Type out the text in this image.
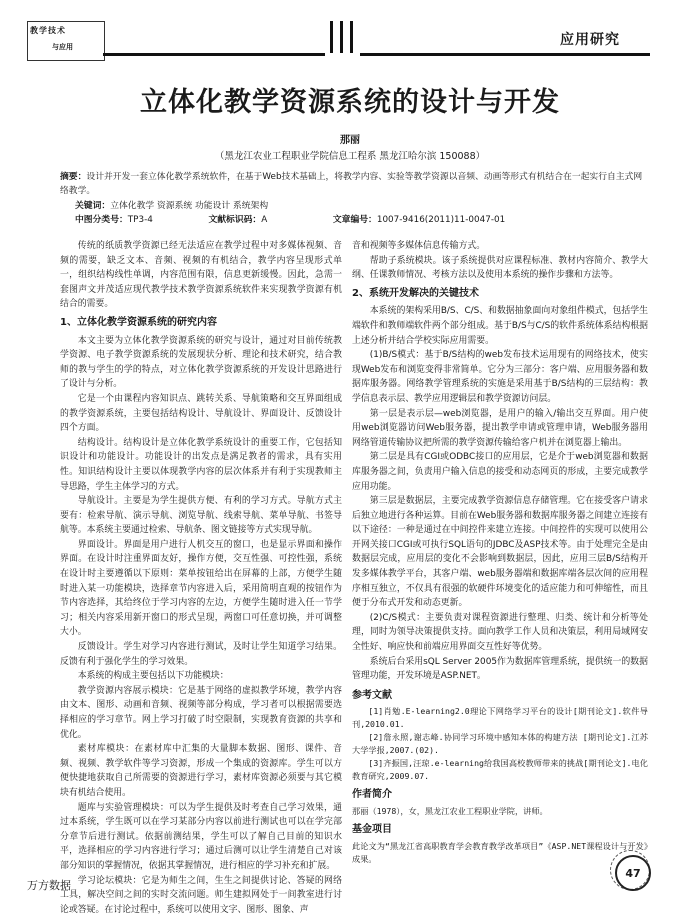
教学技术
与应用	应用研究
立体化教学资源系统的设计与开发
那丽
（黑龙江农业工程职业学院信息工程系 黑龙江哈尔滨 150088）
摘要：设计并开发一套立体化教学系统软件，在基于Web技术基础上，将教学内容、实验等教学资源以音频、动画等形式有机结合在一起实行自主式网络教学。
关键词：立体化教学 资源系统 功能设计 系统架构
中图分类号：TP3-4	文献标识码：A	文章编号：1007-9416(2011)11-0047-01

传统的纸质教学资源已经无法适应在教学过程中对多媒体视频、音频的需要，缺乏文本、音频、视频的有机结合，教学内容呈现形式单一，组织结构线性单调，内容范围有限，信息更新缓慢。因此，急需一套图声文并茂适应现代教学技术教学资源系统软件来实现教学资源有机结合的需要。

1、立体化教学资源系统的研究内容

本文主要为立体化教学资源系统的研究与设计，通过对目前传统教学资源、电子教学资源系统的发展现状分析、理论和技术研究，结合教师的教与学生的学的特点，对立体化教学资源系统的开发设计思路进行了设计与分析。

它是一个由课程内容知识点、跳转关系、导航策略和交互界面组成的教学资源系统，主要包括结构设计、导航设计、界面设计、反馈设计四个方面。

结构设计。结构设计是立体化教学系统设计的重要工作，它包括知识设计和功能设计。功能设计的出发点是满足教者的需求，具有实用性。知识结构设计主要以体现教学内容的层次体系并有利于实现教师主导思路，学生主体学习的方式。

导航设计。主要是为学生提供方便、有利的学习方式。导航方式主要有：检索导航、演示导航、浏览导航、线索导航、菜单导航、书签导航等。本系统主要通过检索、导航条、图文链接等方式实现导航。

界面设计。界面是用户进行人机交互的窗口，也是显示界面和操作界面。在设计时注重界面友好，操作方便，交互性强、可控性强，系统在设计时主要遵循以下原则：菜单按钮给出在屏幕的上部，方便学生随时进入某一功能模块，选择章节内容进入后，采用简明直观的按钮作为节内容选择，其给终位于学习内容的左边，方便学生随时进入任一节学习；相关内容采用新开窗口的形式呈现，两窗口可任意切换，并可调整大小。

反馈设计。学生对学习内容进行测试，及时让学生知道学习结果。反馈有利于强化学生的学习效果。

本系统的构成主要包括以下功能模块：

教学资源内容展示模块：它是基于网络的虚拟教学环境，教学内容由文本、图形、动画和音频、视频等部分构成，学习者可以根据需要选择相应的学习章节。网上学习打破了时空限制，实现教育资源的共享和优化。

素材库模块：在素材库中汇集的大量脚本数据、图形、课件、音频、视频、教学软件等学习资源，形成一个集成的资源库。学生可以方便快捷地获取自己所需要的资源进行学习，素材库资源必须要与其它模块有机结合使用。

题库与实验管理模块：可以为学生提供及时考查自己学习效果，通过本系统，学生既可以在学习某部分内容以前进行测试也可以在学完部分章节后进行测试。依据前测结果，学生可以了解自己目前的知识水平，选择相应的学习内容进行学习；通过后测可以让学生清楚自己对该部分知识的掌握情况，依据其掌握情况，进行相应的学习补充和扩展。

学习论坛模块：它是为师生之间，生生之间提供讨论、答疑的网络工具，解决空间之间的实时交流问题。师生建拟网处于一间教室进行讨论或答疑。在讨论过程中，系统可以使用文字、图形、图象、声

音和视频等多媒体信息传输方式。

帮助子系统模块。该子系统提供对应课程标准、教材内容简介、教学大纲、任课教师情况、考核方法以及使用本系统的操作步骤和方法等。

2、系统开发解决的关键技术

本系统的架构采用B/S、C/S、和数据抽象面向对象组件模式，包括学生端软件和教师端软件两个部分组成。基于B/S与C/S的软件系统体系结构根据上述分析并结合学校实际应用需要。

(1)B/S模式：基于B/S结构的web发布技术运用现有的网络技术，使实现Web发布和浏览变得非常简单。它分为三部分：客户端、应用服务器和数据库服务器。网络教学管理系统的实施是采用基于B/S结构的三层结构：教学信息表示层、教学应用逻辑层和教学资源访问层。

第一层是表示层—web浏览器，是用户的输入/输出交互界面。用户使用web浏览器访问Web服务器，提出教学申请或管理申请，Web服务器用网络管道传输协议把所需的教学资源传输给客户机并在浏览器上输出。

第二层是具有CGI或ODBC接口的应用层，它是介于web浏览器和数据库服务器之间，负责用户输入信息的接受和动态网页的形成，主要完成教学应用功能。

第三层是数据层，主要完成教学资源信息存储管理。它在接受客户请求后独立地进行各种运算。目前在Web服务器和数据库服务器之间建立连接有以下途径：一种是通过在中间控件来建立连接。中间控件的实现可以使用公开网关接口CGI或可执行SQL语句的JDBC及ASP技术等。由于处理完全是由数据层完成，应用层的变化不会影响到数据层，因此，应用三层B/S结构开发多媒体教学平台，其客户端、web服务器端和数据库端各层次间的应用程序相互独立，不仅具有很强的软硬件环境变化的适应能力和可伸缩性，而且便于分布式开发和动态更新。

(2)C/S模式：主要负责对课程资源进行整理、归类、统计和分析等处理，同时为领导决策提供支持。面向教学工作人员和决策层，利用局域网安全性好、响应快和前端应用界面交互性好等优势。

系统后台采用sQL Server 2005作为数据库管理系统，提供统一的数据管理功能，开发环境是ASP.NET。

参考文献

[1]肖勉.E-learning2.0理论下网络学习平台的设计[期刊论文].软件导刊,2010.01.

[2]詹永照,谢志峰.协同学习环境中感知本体的构建方法 [期刊论文].江苏大学学报,2007.(02).

[3]齐振国,汪琼.e-learning给我国高校教师带来的挑战[期刊论文].电化教育研究,2009.07.

作者简介

那丽（1978），女，黑龙江农业工程职业学院，讲师。

基金项目

此论文为“黑龙江省高职教育学会教育教学改革项目”《ASP.NET课程设计与开发》成果。

万方数据
47
